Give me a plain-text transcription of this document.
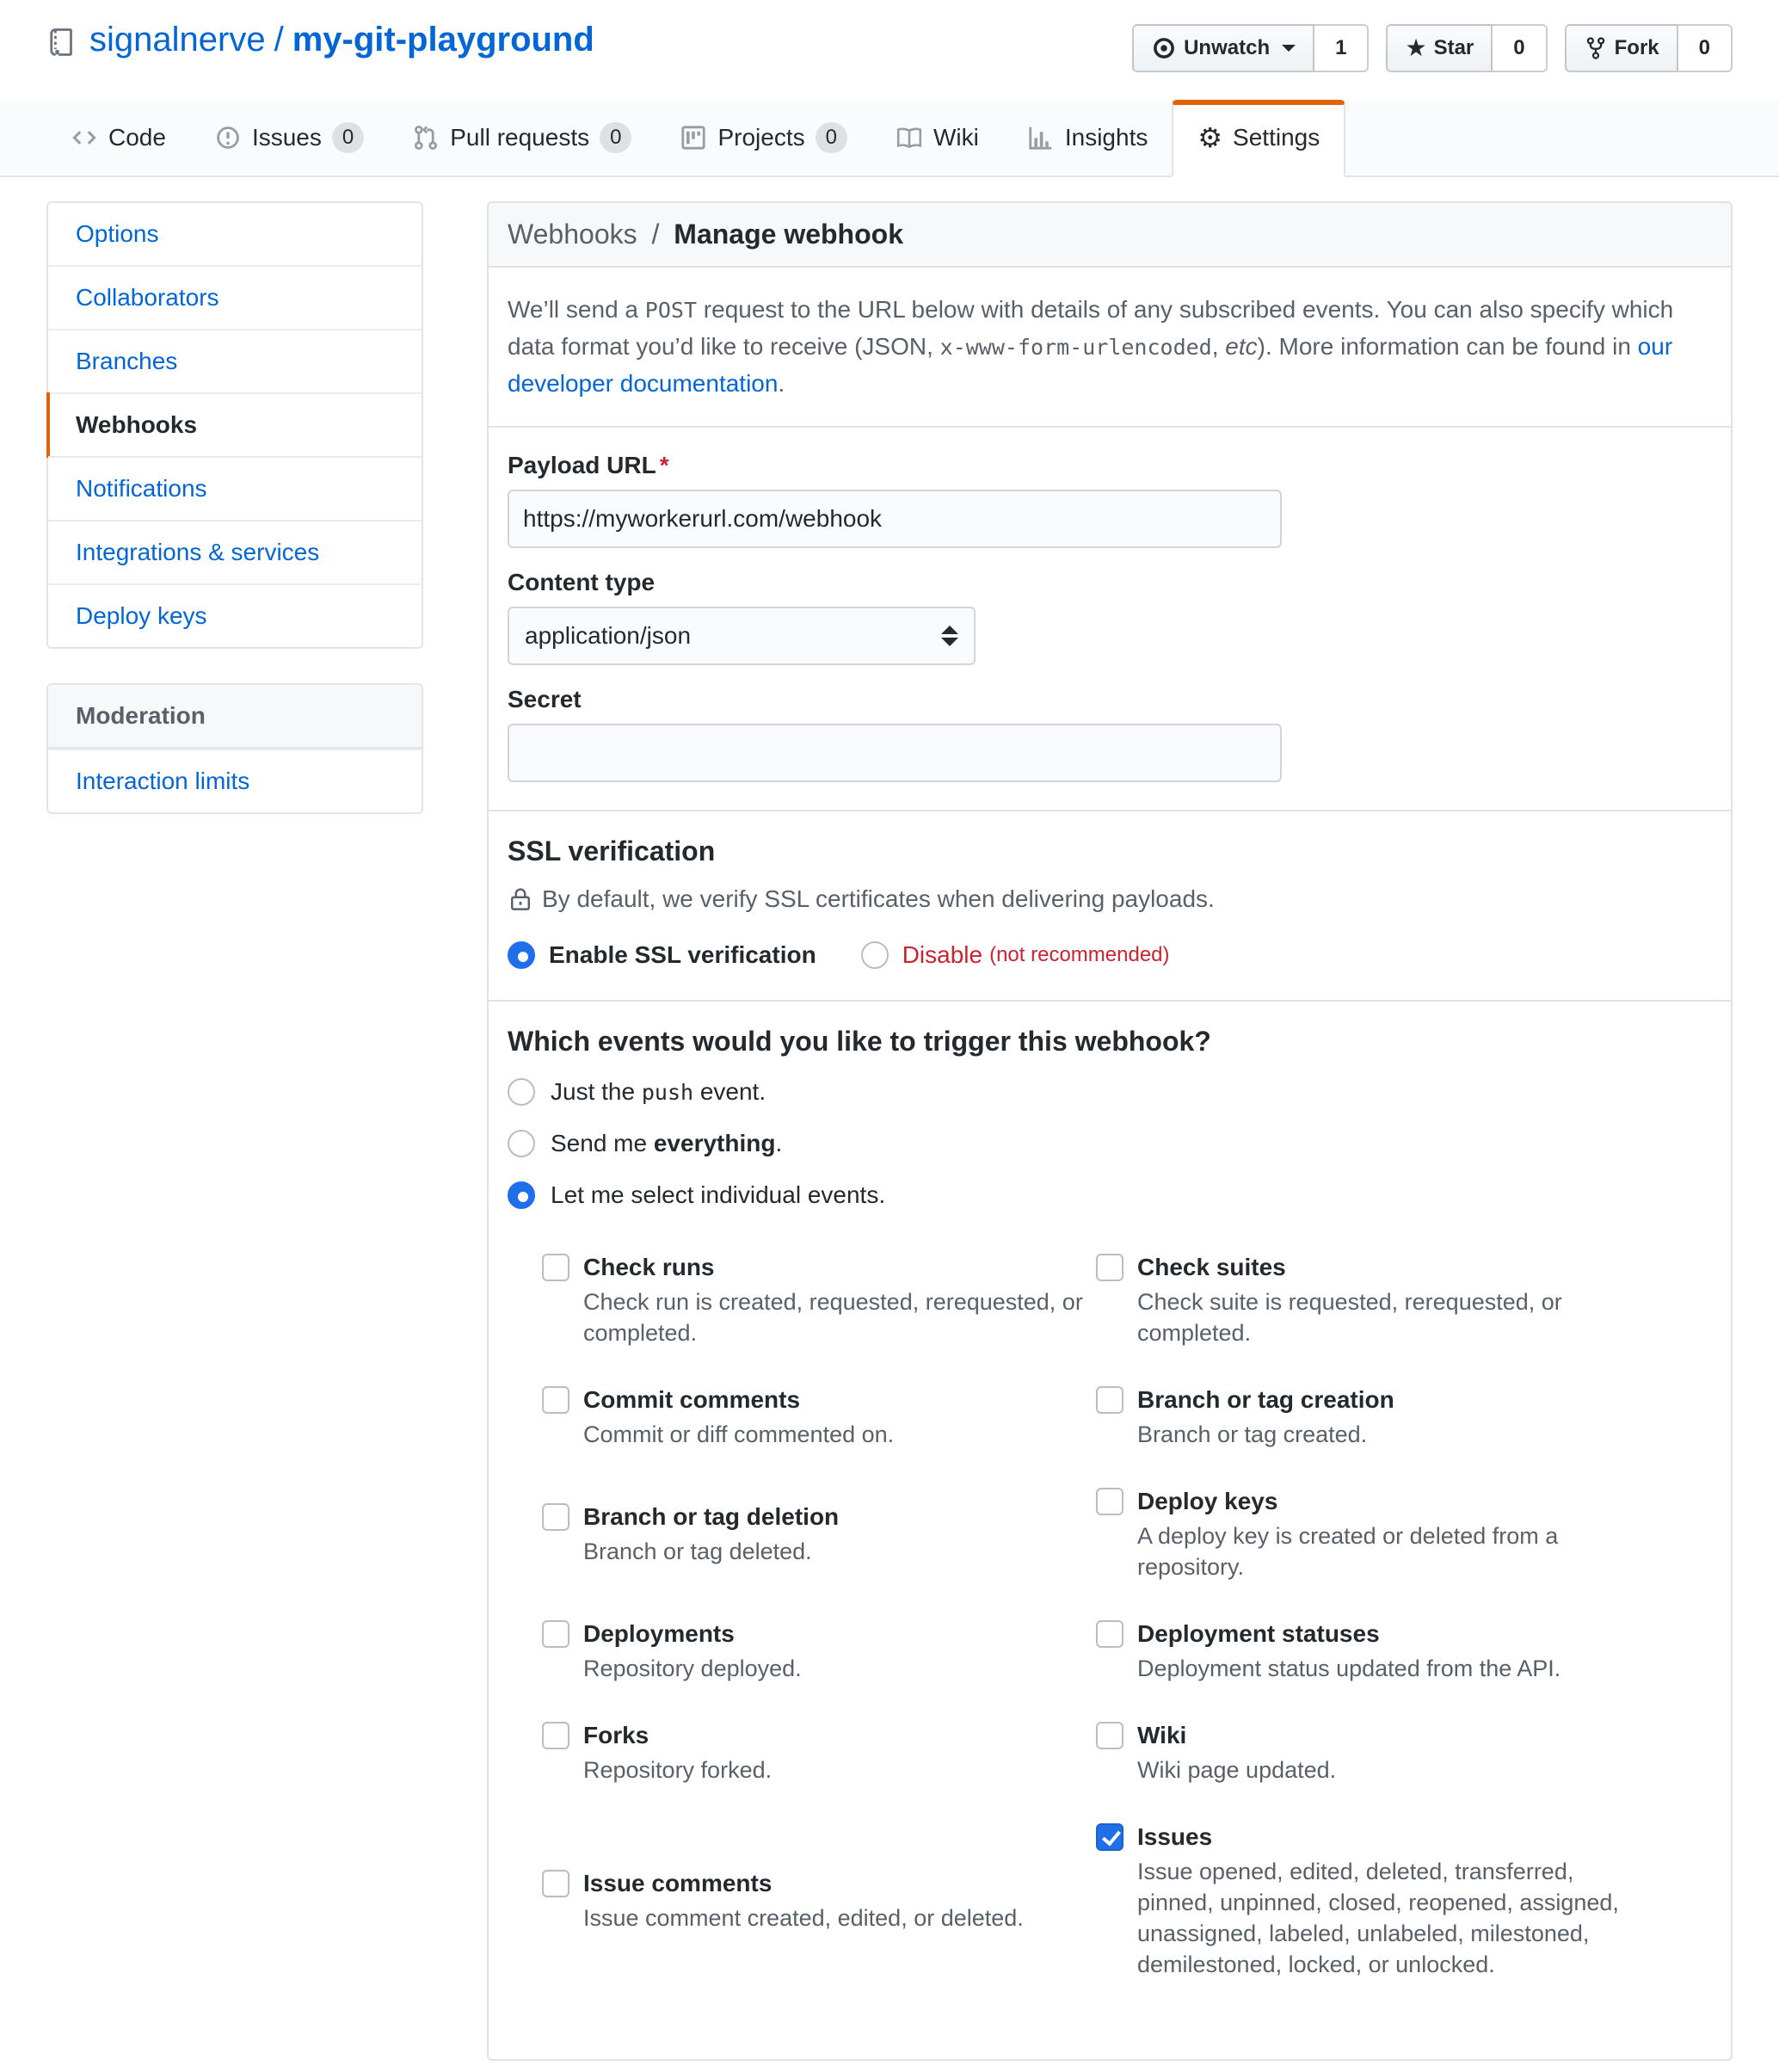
signalnerve / my-git-playground	Unwatch	1	★ Star	0	Fork	0
Code	Issues	0	Pull requests	0	Projects	0	Wiki	Insights	⚙ Settings
Options
Collaborators
Branches
Webhooks
Notifications
Integrations & services
Deploy keys
Moderation
Interaction limits
Webhooks / Manage webhook
We’ll send a POST request to the URL below with details of any subscribed events. You can also specify which data format you’d like to receive (JSON, x-www-form-urlencoded, etc). More information can be found in our developer documentation.
Payload URL *
https://myworkerurl.com/webhook
Content type
application/json
Secret
SSL verification
By default, we verify SSL certificates when delivering payloads.
Enable SSL verification	Disable (not recommended)
Which events would you like to trigger this webhook?
Just the push event.
Send me everything.
Let me select individual events.
Check runs
Check run is created, requested, rerequested, or completed.
Check suites
Check suite is requested, rerequested, or completed.
Commit comments
Commit or diff commented on.
Branch or tag creation
Branch or tag created.
Branch or tag deletion
Branch or tag deleted.
Deploy keys
A deploy key is created or deleted from a repository.
Deployments
Repository deployed.
Deployment statuses
Deployment status updated from the API.
Forks
Repository forked.
Wiki
Wiki page updated.
Issue comments
Issue comment created, edited, or deleted.
Issues
Issue opened, edited, deleted, transferred, pinned, unpinned, closed, reopened, assigned, unassigned, labeled, unlabeled, milestoned, demilestoned, locked, or unlocked.
